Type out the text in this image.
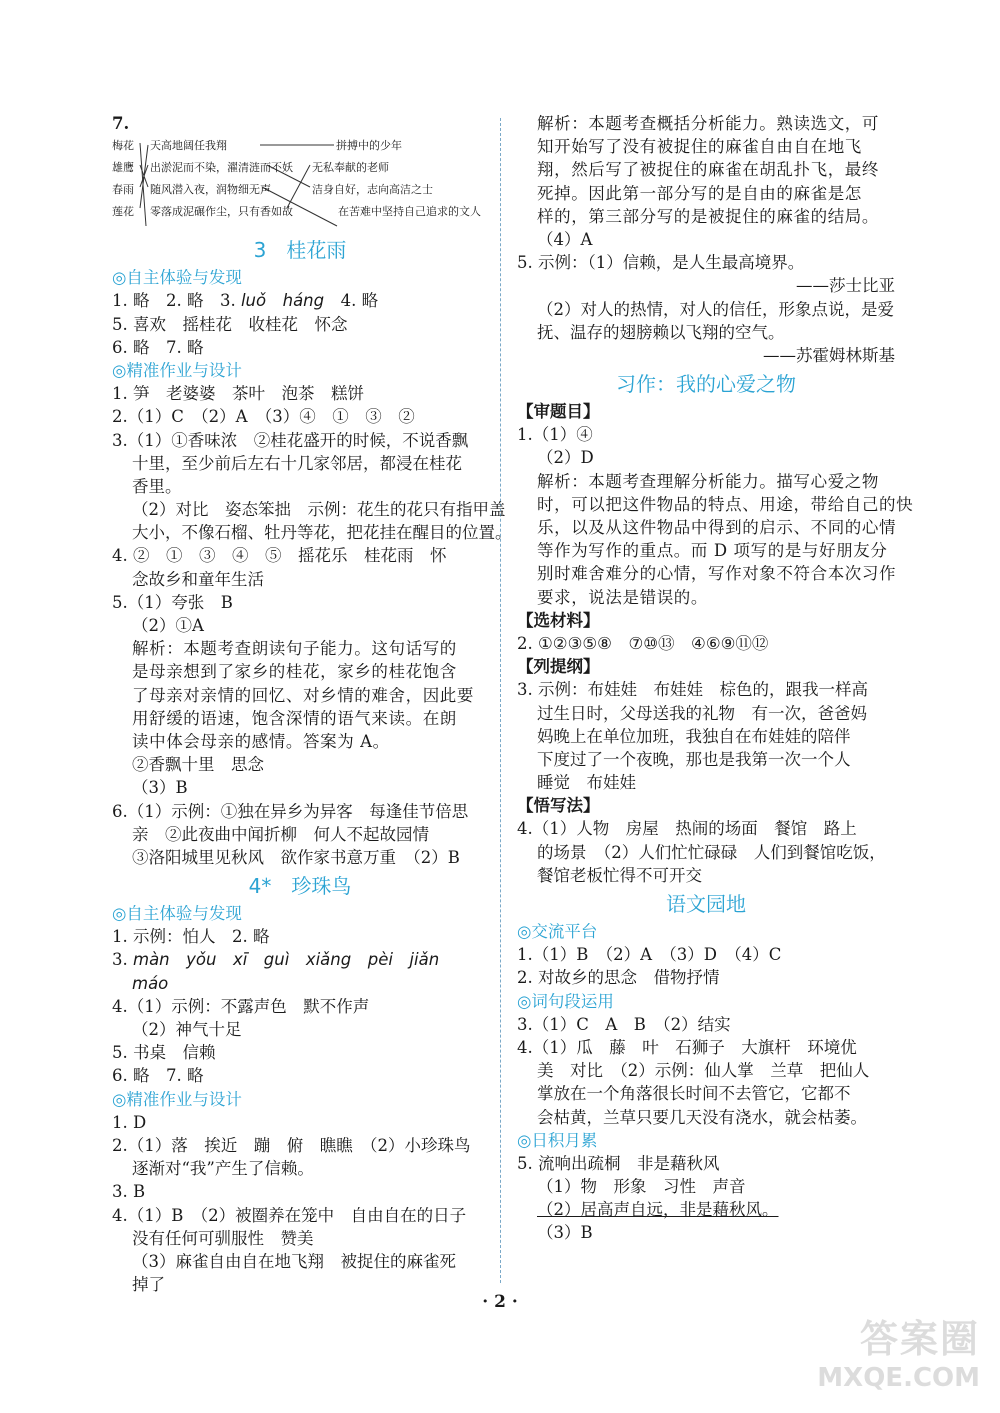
7.
梅花
雄鹰
春雨
莲花
天高地阔任我翔
出淤泥而不染，濯清涟而不妖
随风潜入夜，润物细无声
零落成泥碾作尘，只有香如故
拼搏中的少年
无私奉献的老师
洁身自好，志向高洁之士
在苦难中坚持自己追求的文人
3　桂花雨
◎自主体验与发现
1. 略　2. 略　3. luǒ　háng　4. 略
5. 喜欢　摇桂花　收桂花　怀念
6. 略　7. 略
◎精准作业与设计
1. 笋　老婆婆　茶叶　泡茶　糕饼
2.（1）C　（2）A　（3）④　①　③　②
3.（1）①香味浓　②桂花盛开的时候，不说香飘
十里，至少前后左右十几家邻居，都浸在桂花
香里。
（2）对比　姿态笨拙　示例：花生的花只有指甲盖
大小，不像石榴、牡丹等花，把花挂在醒目的位置。
4. ②　①　③　④　⑤　摇花乐　桂花雨　怀
念故乡和童年生活
5.（1）夸张　B
（2）①A
解析：本题考查朗读句子能力。这句话写的
是母亲想到了家乡的桂花，家乡的桂花饱含
了母亲对亲情的回忆、对乡情的难舍，因此要
用舒缓的语速，饱含深情的语气来读。在朗
读中体会母亲的感情。答案为 A。
②香飘十里　思念
（3）B
6.（1）示例：①独在异乡为异客　每逢佳节倍思
亲　②此夜曲中闻折柳　何人不起故园情
③洛阳城里见秋风　欲作家书意万重　（2）B
4*　珍珠鸟
◎自主体验与发现
1. 示例：怕人　2. 略
3. màn　yǒu　xī　guì　xiǎng　pèi　jiǎn
máo
4.（1）示例：不露声色　默不作声
（2）神气十足
5. 书桌　信赖
6. 略　7. 略
◎精准作业与设计
1. D
2.（1）落　挨近　蹦　俯　瞧瞧　（2）小珍珠鸟
逐渐对“我”产生了信赖。
3. B
4.（1）B　（2）被圈养在笼中　自由自在的日子
没有任何可驯服性　赞美
（3）麻雀自由自在地飞翔　被捉住的麻雀死
掉了
解析：本题考查概括分析能力。熟读选文，可
知开始写了没有被捉住的麻雀自由自在地飞
翔，然后写了被捉住的麻雀在胡乱扑飞，最终
死掉。因此第一部分写的是自由的麻雀是怎
样的，第三部分写的是被捉住的麻雀的结局。
（4）A
5. 示例：（1）信赖，是人生最高境界。
——莎士比亚
（2）对人的热情，对人的信任，形象点说，是爱
抚、温存的翅膀赖以飞翔的空气。
——苏霍姆林斯基
习作：我的心爱之物
【审题目】
1.（1）④
（2）D
解析：本题考查理解分析能力。描写心爱之物
时，可以把这件物品的特点、用途，带给自己的快
乐，以及从这件物品中得到的启示、不同的心情
等作为写作的重点。而 D 项写的是与好朋友分
别时难舍难分的心情，写作对象不符合本次习作
要求，说法是错误的。
【选材料】
2. ①②③⑤⑧　⑦⑩⑬　④⑥⑨⑪⑫
【列提纲】
3. 示例：布娃娃　布娃娃　棕色的，跟我一样高
过生日时，父母送我的礼物　有一次，爸爸妈
妈晚上在单位加班，我独自在布娃娃的陪伴
下度过了一个夜晚，那也是我第一次一个人
睡觉　布娃娃
【悟写法】
4.（1）人物　房屋　热闹的场面　餐馆　路上
的场景　（2）人们忙忙碌碌　人们到餐馆吃饭，
餐馆老板忙得不可开交
语文园地
◎交流平台
1.（1）B　（2）A　（3）D　（4）C
2. 对故乡的思念　借物抒情
◎词句段运用
3.（1）C　A　B　（2）结实
4.（1）瓜　藤　叶　石狮子　大旗杆　环境优
美　对比　（2）示例：仙人掌　兰草　把仙人
掌放在一个角落很长时间不去管它，它都不
会枯黄，兰草只要几天没有浇水，就会枯萎。
◎日积月累
5. 流响出疏桐　非是藉秋风
（1）物　形象　习性　声音
（2）居高声自远，非是藉秋风。
（3）B
· 2 ·
答案圈
MXQE.COM
